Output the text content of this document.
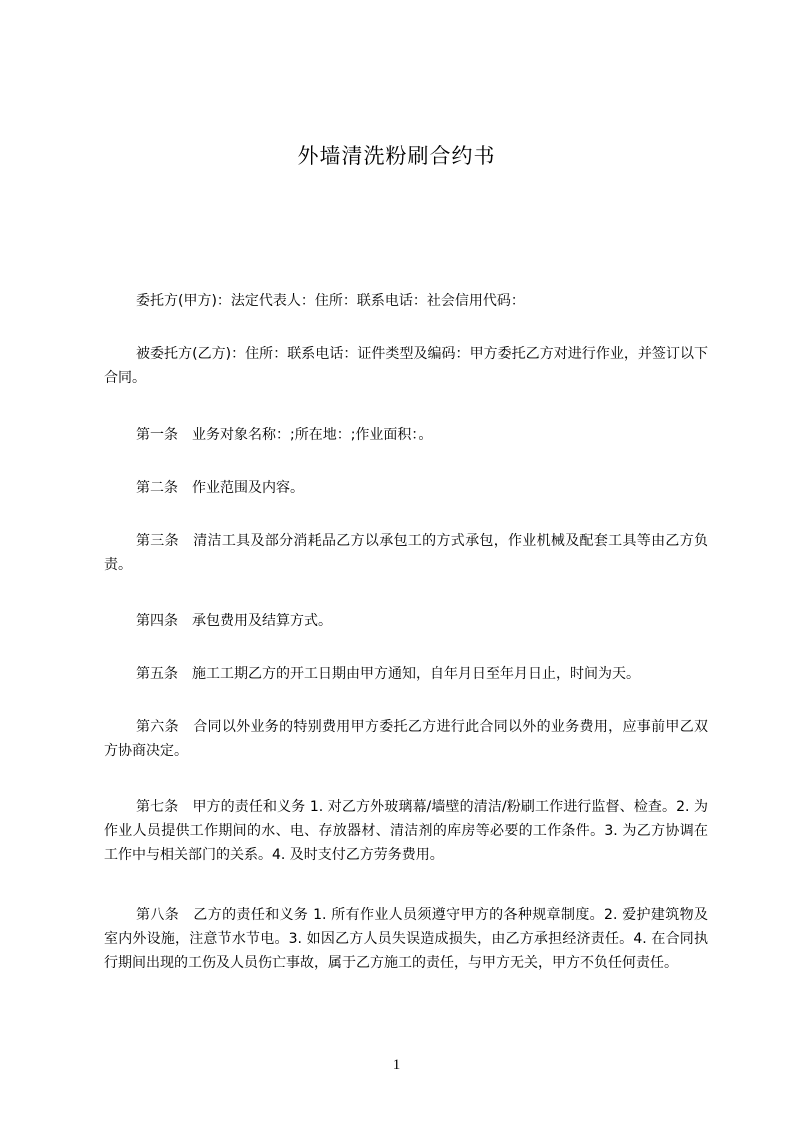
外墙清洗粉刷合约书
委托方(甲方)：法定代表人：住所：联系电话：社会信用代码：
被委托方(乙方)：住所：联系电话：证件类型及编码：甲方委托乙方对进行作业，并签订以下合同。
第一条　业务对象名称：;所在地：;作业面积：。
第二条　作业范围及内容。
第三条　清洁工具及部分消耗品乙方以承包工的方式承包，作业机械及配套工具等由乙方负责。
第四条　承包费用及结算方式。
第五条　施工工期乙方的开工日期由甲方通知，自年月日至年月日止，时间为天。
第六条　合同以外业务的特别费用甲方委托乙方进行此合同以外的业务费用，应事前甲乙双方协商决定。
第七条　甲方的责任和义务 1. 对乙方外玻璃幕/墙壁的清洁/粉刷工作进行监督、检查。2. 为作业人员提供工作期间的水、电、存放器材、清洁剂的库房等必要的工作条件。3. 为乙方协调在工作中与相关部门的关系。4. 及时支付乙方劳务费用。
第八条　乙方的责任和义务 1. 所有作业人员须遵守甲方的各种规章制度。2. 爱护建筑物及室内外设施，注意节水节电。3. 如因乙方人员失误造成损失，由乙方承担经济责任。4. 在合同执行期间出现的工伤及人员伤亡事故，属于乙方施工的责任，与甲方无关，甲方不负任何责任。
1
